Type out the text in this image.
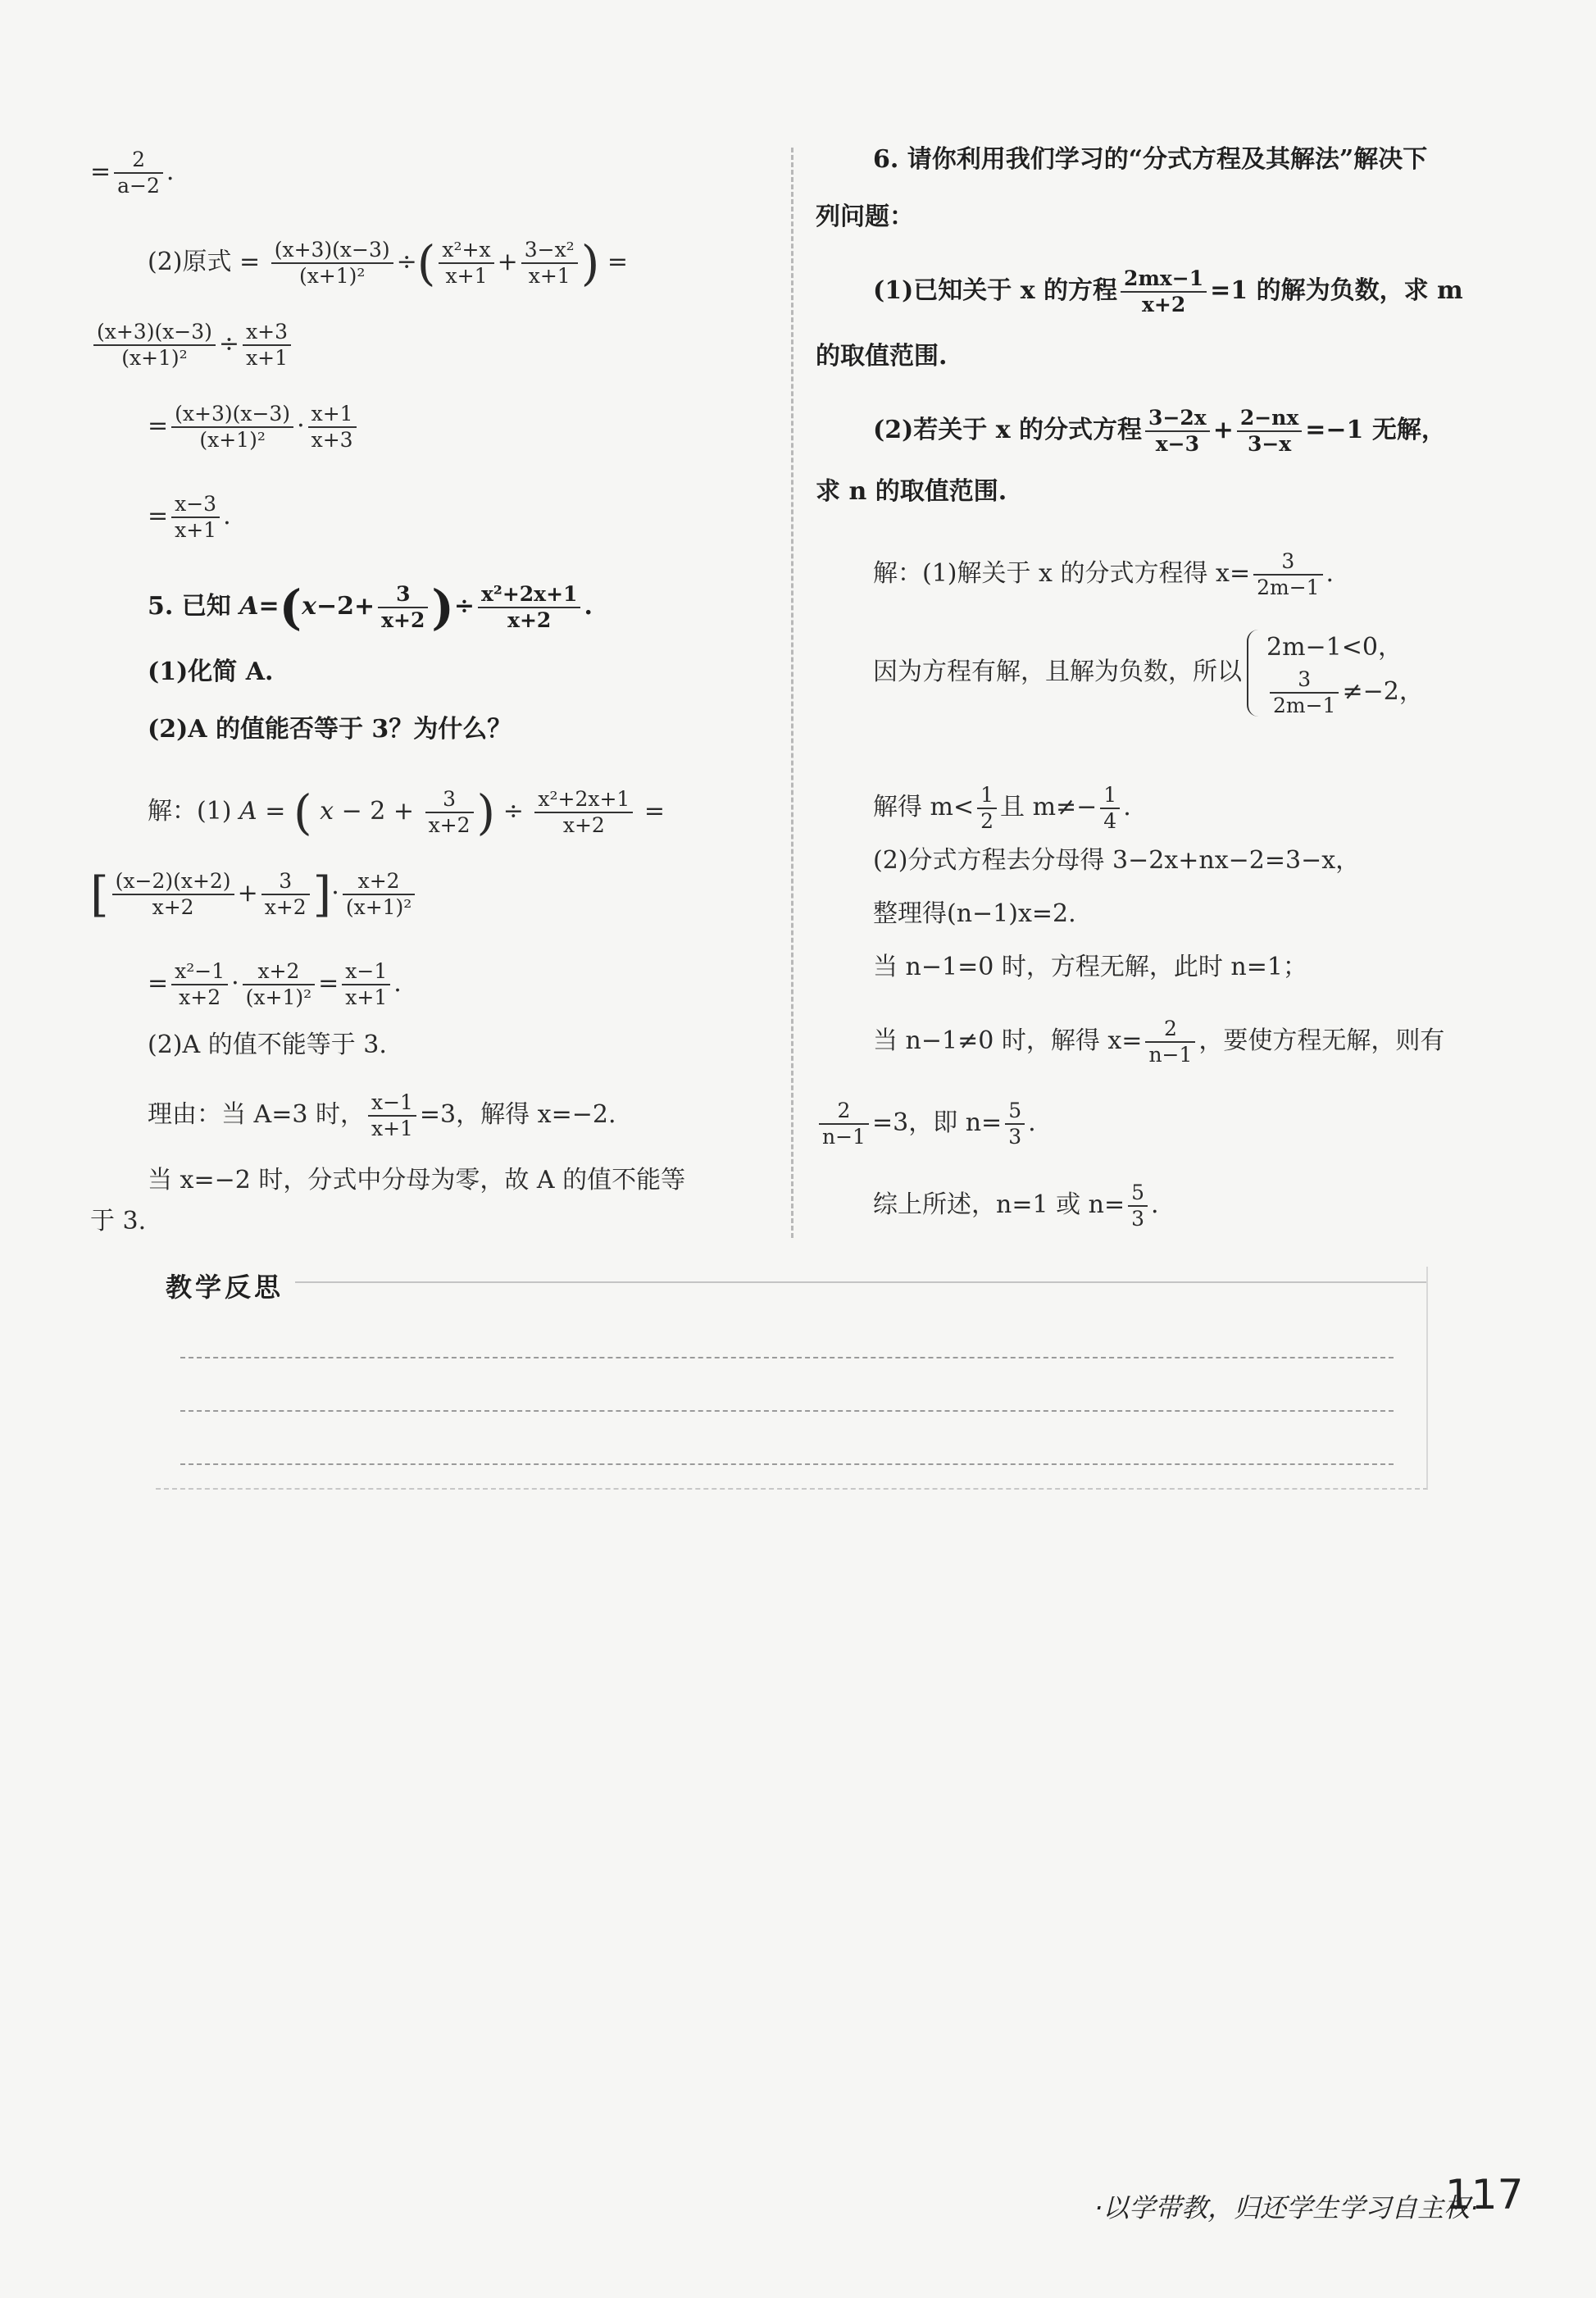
= $\frac{2}{a-2}$ .
(2)原式 = $\frac{(x+3)(x-3)}{\text{(x+1)²}}$ ÷( $\frac{\text{x²+x}}{x+1} + \frac{\text{3−x²}}{x+1}$ ) =
$\frac{(x+3)(x-3)}{\text{(x+1)²}} \div \frac{x+3}{x+1}$
= $\frac{(x+3)(x-3)}{\text{(x+1)²}} \cdot \frac{x+1}{x+3}$
= $\frac{x-3}{x+1}$ .
5. 已知 $A=(x-2+ \frac{3}{x+2}$ )÷ $\frac{\text{x²+2x+1}}{x+2}$ .
(1)化简 A.
(2)A 的值能否等于 3？为什么？
解：(1) A = ( $x - 2 + \frac{3}{x+2}$ ) ÷ $\frac{\text{x²+2x+1}}{x+2}$ =
[ $\frac{(x-2)(x+2)}{x+2} + \frac{3}{x+2}$ ]· $\frac{x+2}{\text{(x+1)²}}$
= $\frac{\text{x²−1}}{x+2} \cdot \frac{x+2}{\text{(x+1)²}} = \frac{x-1}{x+1}$ .
(2)A 的值不能等于 3.
理由：当 A=3 时， $\frac{x-1}{x+1} =3$，解得 x=−2.
当 x=−2 时，分式中分母为零，故 A 的值不能等
于 3.
6. 请你利用我们学习的“分式方程及其解法”解决下
列问题：
(1)已知关于 x 的方程 $\frac{2mx-1}{x+2} =1$ 的解为负数，求 m
的取值范围.
(2)若关于 x 的分式方程 $\frac{3-2x}{x-3} + \frac{2-nx}{3-x} =-1$ 无解，
求 n 的取值范围.
解：(1)解关于 x 的分式方程得 $x= \frac{3}{2m-1}$ .
因为方程有解，且解为负数，所以
2m−1<0，
$\frac{3}{2m-1} \ne-2$，
解得 $m< \frac{1}{2}$ 且 $m\ne- \frac{1}{4}$ .
(2)分式方程去分母得 3−2x+nx−2=3−x，
整理得(n−1)x=2.
当 n−1=0 时，方程无解，此时 n=1；
当 n−1≠0 时，解得 $x= \frac{2}{n-1}$ ，要使方程无解，则有
$\frac{2}{n-1} =3$，即 $n= \frac{5}{3}$ .
综上所述，n=1 或 $n= \frac{5}{3}$ .
教学反思
·以学带教，归还学生学习自主权·
117
